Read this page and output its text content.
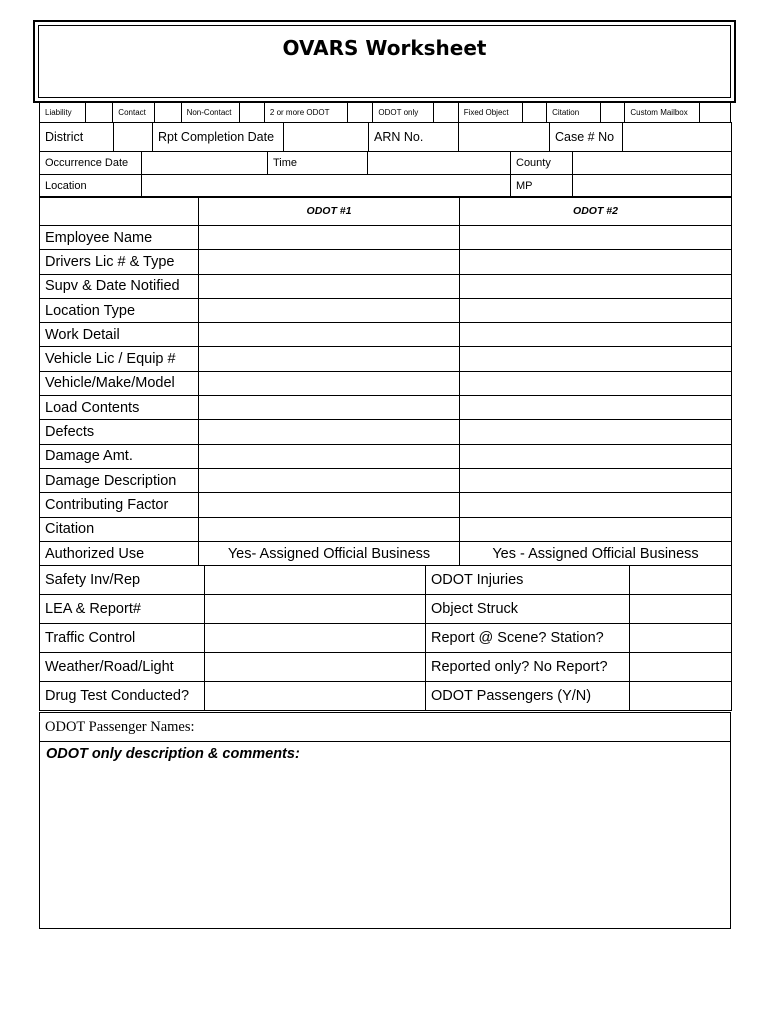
OVARS Worksheet
Liability		Contact		Non-Contact		2 or more ODOT		ODOT only		Fixed Object		Citation		Custom Mailbox	
District		Rpt Completion Date		ARN No.		Case # No	
Occurrence Date		Time		County	
Location				MP	
	ODOT #1	ODOT #2
Employee Name		
Drivers Lic # & Type		
Supv & Date Notified		
Location Type		
Work Detail		
Vehicle Lic / Equip #		
Vehicle/Make/Model		
Load Contents		
Defects		
Damage Amt.		
Damage Description		
Contributing Factor		
Citation		
Authorized Use	Yes- Assigned Official Business	Yes - Assigned Official Business
Safety Inv/Rep		ODOT Injuries	
LEA & Report#		Object Struck	
Traffic Control		Report @ Scene? Station?	
Weather/Road/Light		Reported only? No Report?	
Drug Test Conducted?		ODOT Passengers (Y/N)	
ODOT Passenger Names:
ODOT only description & comments:
